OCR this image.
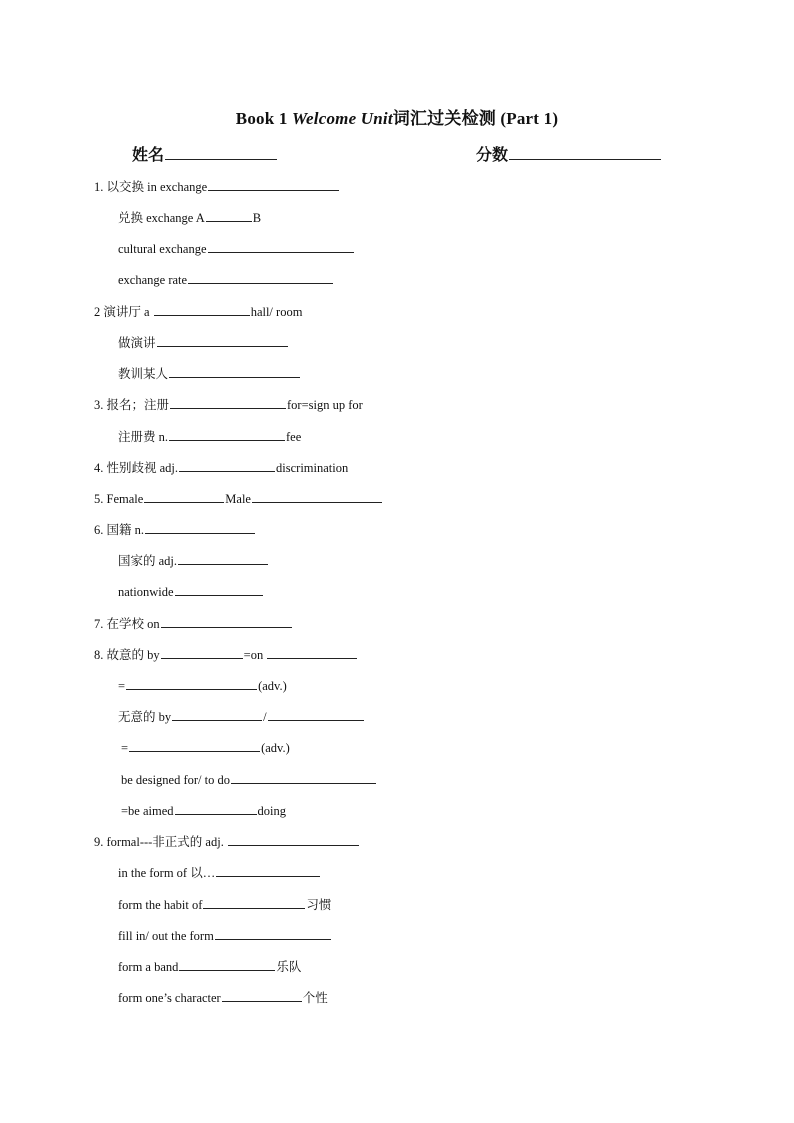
Book 1 Welcome Unit词汇过关检测 (Part 1)
姓名	分数
1. 以交换 in exchange
兑换 exchange A	B
cultural exchange
exchange rate
2 演讲厅 a	hall/ room
做演讲
教训某人
3. 报名；注册	for=sign up for
注册费 n.	fee
4. 性别歧视 adj.	discrimination
5. Female	Male
6. 国籍 n.
国家的 adj.
nationwide
7. 在学校 on
8. 故意的 by	=on
=	(adv.)
无意的 by	/
=	(adv.)
be designed for/ to do
=be aimed	doing
9. formal---非正式的 adj.
in the form of 以…
form the habit of	习惯
fill in/ out the form
form a band	乐队
form one’s character	个性
